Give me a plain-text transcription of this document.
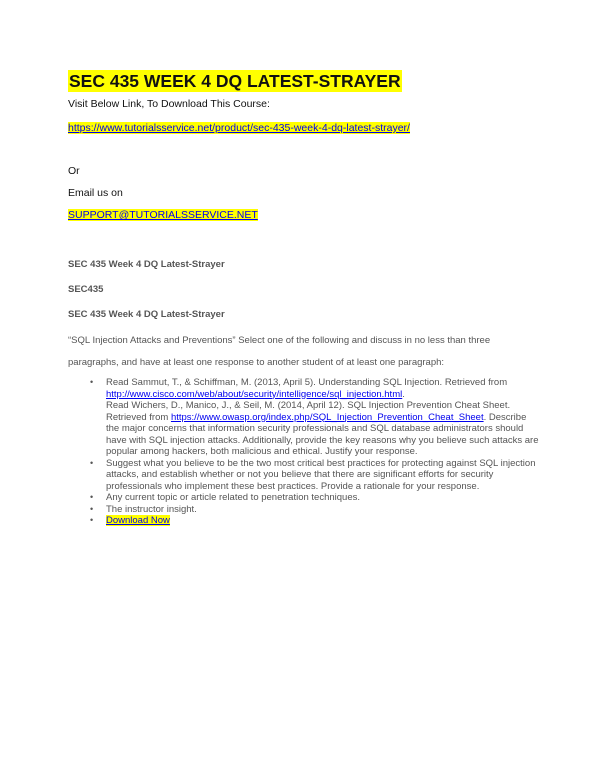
SEC 435 WEEK 4 DQ LATEST-STRAYER

Visit Below Link, To Download This Course:

https://www.tutorialsservice.net/product/sec-435-week-4-dq-latest-strayer/

Or

Email us on

SUPPORT@TUTORIALSSERVICE.NET

SEC 435 Week 4 DQ Latest-Strayer

SEC435

SEC 435 Week 4 DQ Latest-Strayer

“SQL Injection Attacks and Preventions” Select one of the following and discuss in no less than three paragraphs, and have at least one response to another student of at least one paragraph:

• Read Sammut, T., & Schiffman, M. (2013, April 5). Understanding SQL Injection. Retrieved from http://www.cisco.com/web/about/security/intelligence/sql_injection.html.
Read Wichers, D., Manico, J., & Seil, M. (2014, April 12). SQL Injection Prevention Cheat Sheet. Retrieved from https://www.owasp.org/index.php/SQL_Injection_Prevention_Cheat_Sheet. Describe the major concerns that information security professionals and SQL database administrators should have with SQL injection attacks. Additionally, provide the key reasons why you believe such attacks are popular among hackers, both malicious and ethical. Justify your response.
• Suggest what you believe to be the two most critical best practices for protecting against SQL injection attacks, and establish whether or not you believe that there are significant efforts for security professionals who implement these best practices. Provide a rationale for your response.
• Any current topic or article related to penetration techniques.
• The instructor insight.
• Download Now
